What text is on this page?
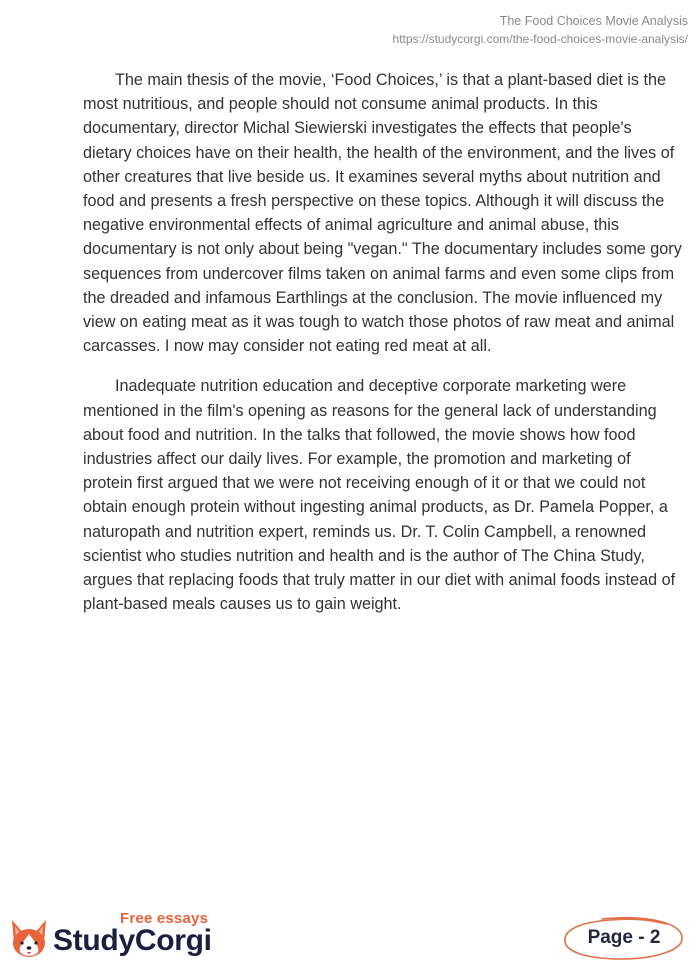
The Food Choices Movie Analysis
https://studycorgi.com/the-food-choices-movie-analysis/

The main thesis of the movie, ‘Food Choices,’ is that a plant-based diet is the most nutritious, and people should not consume animal products. In this documentary, director Michal Siewierski investigates the effects that people's dietary choices have on their health, the health of the environment, and the lives of other creatures that live beside us. It examines several myths about nutrition and food and presents a fresh perspective on these topics. Although it will discuss the negative environmental effects of animal agriculture and animal abuse, this documentary is not only about being "vegan." The documentary includes some gory sequences from undercover films taken on animal farms and even some clips from the dreaded and infamous Earthlings at the conclusion. The movie influenced my view on eating meat as it was tough to watch those photos of raw meat and animal carcasses. I now may consider not eating red meat at all.

Inadequate nutrition education and deceptive corporate marketing were mentioned in the film's opening as reasons for the general lack of understanding about food and nutrition. In the talks that followed, the movie shows how food industries affect our daily lives. For example, the promotion and marketing of protein first argued that we were not receiving enough of it or that we could not obtain enough protein without ingesting animal products, as Dr. Pamela Popper, a naturopath and nutrition expert, reminds us. Dr. T. Colin Campbell, a renowned scientist who studies nutrition and health and is the author of The China Study, argues that replacing foods that truly matter in our diet with animal foods instead of plant-based meals causes us to gain weight.

Free essays
StudyCorgi	Page - 2
